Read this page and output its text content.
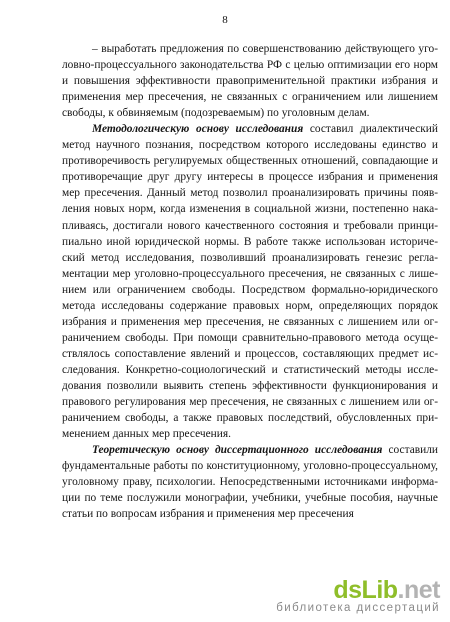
8
– выработать предложения по совершенствованию действующего уго-
ловно-процессуального законодательства РФ с целью оптимизации его норм
и повышения эффективности правоприменительной практики избрания и
применения мер пресечения, не связанных с ограничением или лишением
свободы, к обвиняемым (подозреваемым) по уголовным делам.
Методологическую основу исследования составил диалектический
метод научного познания, посредством которого исследованы единство и
противоречивость регулируемых общественных отношений, совпадающие и
противоречащие друг другу интересы в процессе избрания и применения
мер пресечения. Данный метод позволил проанализировать причины появ-
ления новых норм, когда изменения в социальной жизни, постепенно нака-
пливаясь, достигали нового качественного состояния и требовали принци-
пиально иной юридической нормы. В работе также использован историче-
ский метод исследования, позволивший проанализировать генезис регла-
ментации мер уголовно-процессуального пресечения, не связанных с лише-
нием или ограничением свободы. Посредством формально-юридического
метода исследованы содержание правовых норм, определяющих порядок
избрания и применения мер пресечения, не связанных с лишением или ог-
раничением свободы. При помощи сравнительно-правового метода осуще-
ствлялось сопоставление явлений и процессов, составляющих предмет ис-
следования. Конкретно-социологический и статистический методы иссле-
дования позволили выявить степень эффективности функционирования и
правового регулирования мер пресечения, не связанных с лишением или ог-
раничением свободы, а также правовых последствий, обусловленных при-
менением данных мер пресечения.
Теоретическую основу диссертационного исследования составили
фундаментальные работы по конституционному, уголовно-процессуальному,
уголовному праву, психологии. Непосредственными источниками информа-
ции по теме послужили монографии, учебники, учебные пособия, научные
статьи по вопросам избрания и применения мер пресечения
dsLib.net
библиотека диссертаций
